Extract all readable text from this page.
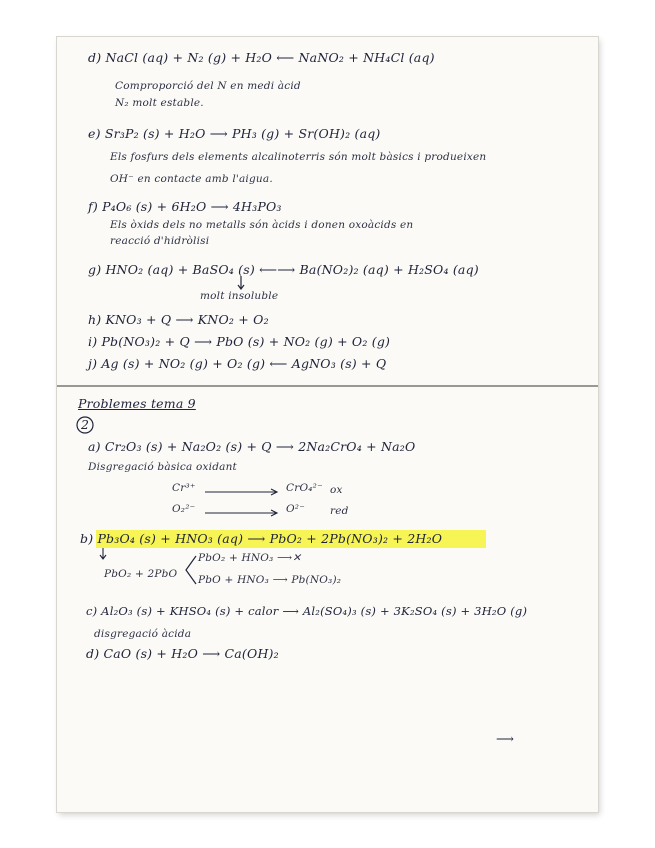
d) NaCl (aq) + N₂ (g) + H₂O ⟵ NaNO₂ + NH₄Cl (aq)
Comproporció del N en medi àcid
N₂ molt estable.
e) Sr₃P₂ (s) + H₂O ⟶ PH₃ (g) + Sr(OH)₂ (aq)
Els fosfurs dels elements alcalinoterris són molt bàsics i produeixen
OH⁻ en contacte amb l'aigua.
f) P₄O₆ (s) + 6H₂O ⟶ 4H₃PO₃
Els òxids dels no metalls són àcids i donen oxoàcids en
reacció d'hidròlisi
g) HNO₂ (aq) + BaSO₄ (s) ⟵⟶ Ba(NO₂)₂ (aq) + H₂SO₄ (aq)
molt insoluble
h) KNO₃ + Q ⟶ KNO₂ + O₂
i) Pb(NO₃)₂ + Q ⟶ PbO (s) + NO₂ (g) + O₂ (g)
j) Ag (s) + NO₂ (g) + O₂ (g) ⟵ AgNO₃ (s) + Q
Problemes tema 9
2
a) Cr₂O₃ (s) + Na₂O₂ (s) + Q ⟶ 2Na₂CrO₄ + Na₂O
Disgregació bàsica oxidant
Cr³⁺	CrO₄²⁻ ox
O₂²⁻	O²⁻ red
b) Pb₃O₄ (s) + HNO₃ (aq) ⟶ PbO₂ + 2Pb(NO₃)₂ + 2H₂O
PbO₂ + 2PbO
PbO₂ + HNO₃ ⟶✕
PbO + HNO₃ ⟶ Pb(NO₃)₂
c) Al₂O₃ (s) + KHSO₄ (s) + calor ⟶ Al₂(SO₄)₃ (s) + 3K₂SO₄ (s) + 3H₂O (g)
disgregació àcida
d) CaO (s) + H₂O ⟶ Ca(OH)₂
⟶
